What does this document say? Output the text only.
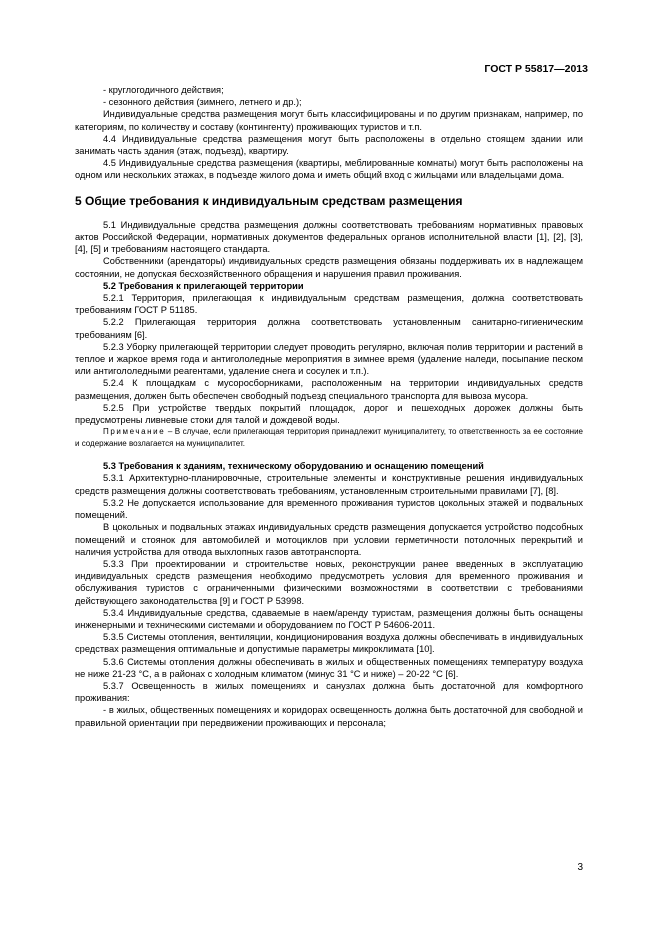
ГОСТ Р 55817—2013

- круглогодичного действия;

- сезонного действия (зимнего, летнего и др.);

Индивидуальные средства размещения могут быть классифицированы и по другим признакам, например, по категориям, по количеству и составу (контингенту) проживающих туристов и т.п.

4.4 Индивидуальные средства размещения могут быть расположены в отдельно стоящем здании или занимать часть здания (этаж, подъезд), квартиру.

4.5 Индивидуальные средства размещения (квартиры, меблированные комнаты) могут быть расположены на одном или нескольких этажах, в подъезде жилого дома и иметь общий вход с жильцами или владельцами дома.

5 Общие требования к индивидуальным средствам размещения

5.1 Индивидуальные средства размещения должны соответствовать требованиям нормативных правовых актов Российской Федерации, нормативных документов федеральных органов исполнительной власти [1], [2], [3], [4], [5] и требованиям настоящего стандарта.

Собственники (арендаторы) индивидуальных средств размещения обязаны поддерживать их в надлежащем состоянии, не допуская бесхозяйственного обращения и нарушения правил проживания.

5.2 Требования к прилегающей территории

5.2.1 Территория, прилегающая к индивидуальным средствам размещения, должна соответствовать требованиям ГОСТ Р 51185.

5.2.2 Прилегающая территория должна соответствовать установленным санитарно-гигиеническим требованиям [6].

5.2.3 Уборку прилегающей территории следует проводить регулярно, включая полив территории и растений в теплое и жаркое время года и антигололедные мероприятия в зимнее время (удаление наледи, посыпание песком или антигололедными реагентами, удаление снега и сосулек и т.п.).

5.2.4 К площадкам с мусоросборниками, расположенным на территории индивидуальных средств размещения, должен быть обеспечен свободный подъезд специального транспорта для вывоза мусора.

5.2.5 При устройстве твердых покрытий площадок, дорог и пешеходных дорожек должны быть предусмотрены ливневые стоки для талой и дождевой воды.

Примечание – В случае, если прилегающая территория принадлежит муниципалитету, то ответственность за ее состояние и содержание возлагается на муниципалитет.

5.3 Требования к зданиям, техническому оборудованию и оснащению помещений

5.3.1 Архитектурно-планировочные, строительные элементы и конструктивные решения индивидуальных средств размещения должны соответствовать требованиям, установленным строительными правилами [7], [8].

5.3.2 Не допускается использование для временного проживания туристов цокольных этажей и подвальных помещений.

В цокольных и подвальных этажах индивидуальных средств размещения допускается устройство подсобных помещений и стоянок для автомобилей и мотоциклов при условии герметичности потолочных перекрытий и наличия устройства для отвода выхлопных газов автотранспорта.

5.3.3 При проектировании и строительстве новых, реконструкции ранее введенных в эксплуатацию индивидуальных средств размещения необходимо предусмотреть условия для временного проживания и обслуживания туристов с ограниченными физическими возможностями в соответствии с требованиями действующего законодательства [9] и ГОСТ Р 53998.

5.3.4 Индивидуальные средства, сдаваемые в наем/аренду туристам, размещения должны быть оснащены инженерными и техническими системами и оборудованием по ГОСТ Р 54606-2011.

5.3.5 Системы отопления, вентиляции, кондиционирования воздуха должны обеспечивать в индивидуальных средствах размещения оптимальные и допустимые параметры микроклимата [10].

5.3.6 Системы отопления должны обеспечивать в жилых и общественных помещениях температуру воздуха не ниже 21-23 °С, а в районах с холодным климатом (минус 31 °С и ниже) – 20-22 °С [6].

5.3.7 Освещенность в жилых помещениях и санузлах должна быть достаточной для комфортного проживания:

- в жилых, общественных помещениях и коридорах освещенность должна быть достаточной для свободной и правильной ориентации при передвижении проживающих и персонала;

3
